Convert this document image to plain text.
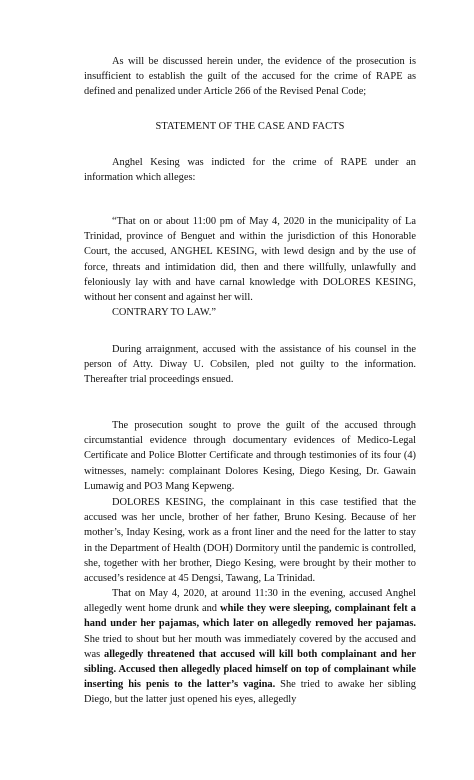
As will be discussed herein under, the evidence of the prosecution is insufficient to establish the guilt of the accused for the crime of RAPE as defined and penalized under Article 266 of the Revised Penal Code;

STATEMENT OF THE CASE AND FACTS

Anghel Kesing was indicted for the crime of RAPE under an information which alleges:

“That on or about 11:00 pm of May 4, 2020 in the municipality of La Trinidad, province of Benguet and within the jurisdiction of this Honorable Court, the accused, ANGHEL KESING, with lewd design and by the use of force, threats and intimidation did, then and there willfully, unlawfully and feloniously lay with and have carnal knowledge with DOLORES KESING, without her consent and against her will.

CONTRARY TO LAW.”

During arraignment, accused with the assistance of his counsel in the person of Atty. Diway U. Cobsilen, pled not guilty to the information. Thereafter trial proceedings ensued.

The prosecution sought to prove the guilt of the accused through circumstantial evidence through documentary evidences of Medico-Legal Certificate and Police Blotter Certificate and through testimonies of its four (4) witnesses, namely: complainant Dolores Kesing, Diego Kesing, Dr. Gawain Lumawig and PO3 Mang Kepweng.

DOLORES KESING, the complainant in this case testified that the accused was her uncle, brother of her father, Bruno Kesing. Because of her mother’s, Inday Kesing, work as a front liner and the need for the latter to stay in the Department of Health (DOH) Dormitory until the pandemic is controlled, she, together with her brother, Diego Kesing, were brought by their mother to accused’s residence at 45 Dengsi, Tawang, La Trinidad.

That on May 4, 2020, at around 11:30 in the evening, accused Anghel allegedly went home drunk and while they were sleeping, complainant felt a hand under her pajamas, which later on allegedly removed her pajamas. She tried to shout but her mouth was immediately covered by the accused and was allegedly threatened that accused will kill both complainant and her sibling. Accused then allegedly placed himself on top of complainant while inserting his penis to the latter’s vagina. She tried to awake her sibling Diego, but the latter just opened his eyes, allegedly
